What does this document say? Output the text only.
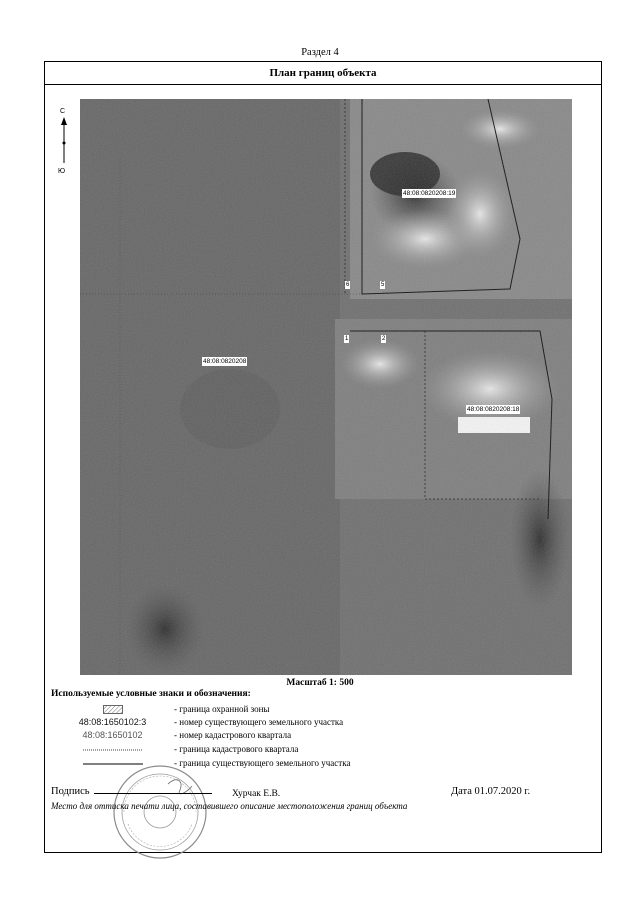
Раздел 4
План границ объекта
48:08:0820208:19
48:08:0820208
48:08:0820208:18
6	5
1	2
С
Ю
Масштаб 1: 500
Используемые условные знаки и обозначения:
- граница охранной зоны
48:08:1650102:3	- номер существующего земельного участка
48:08:1650102	- номер кадастрового квартала
- граница кадастрового квартала
- граница существующего земельного участка
Подпись	Хурчак Е.В.	Дата 01.07.2020 г.
Место для оттиска печати лица, составившего описание местоположения границ объекта
